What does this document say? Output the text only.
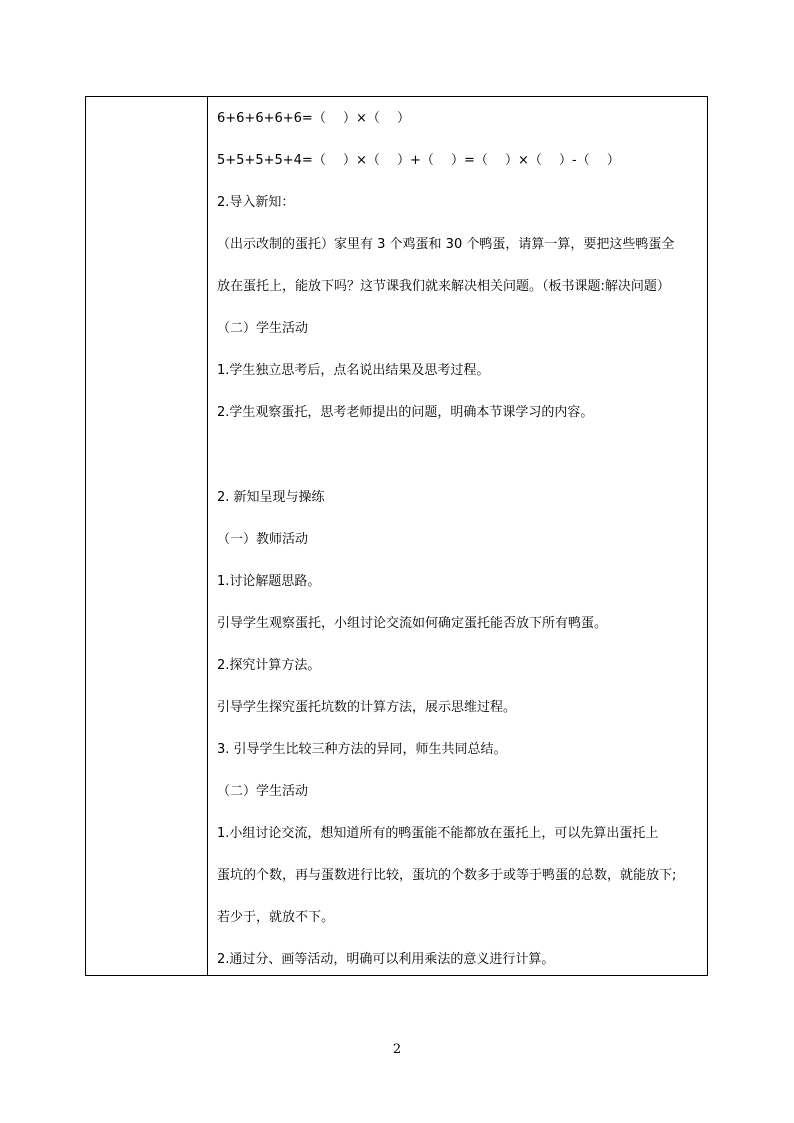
6+6+6+6+6=（　 ）×（　 ）
5+5+5+5+4=（　 ）×（　 ）+（　 ）=（　 ）×（　 ）-（　 ）
2.导入新知：
（出示改制的蛋托）家里有 3 个鸡蛋和 30 个鸭蛋，请算一算，要把这些鸭蛋全
放在蛋托上，能放下吗？这节课我们就来解决相关问题。（板书课题:解决问题）
（二）学生活动
1.学生独立思考后，点名说出结果及思考过程。
2.学生观察蛋托，思考老师提出的问题，明确本节课学习的内容。
2. 新知呈现与操练
（一）教师活动
1.讨论解题思路。
引导学生观察蛋托，小组讨论交流如何确定蛋托能否放下所有鸭蛋。
2.探究计算方法。
引导学生探究蛋托坑数的计算方法，展示思维过程。
3. 引导学生比较三种方法的异同，师生共同总结。
（二）学生活动
1.小组讨论交流，想知道所有的鸭蛋能不能都放在蛋托上，可以先算出蛋托上
蛋坑的个数，再与蛋数进行比较，蛋坑的个数多于或等于鸭蛋的总数，就能放下;
若少于，就放不下。
2.通过分、画等活动，明确可以利用乘法的意义进行计算。
2
